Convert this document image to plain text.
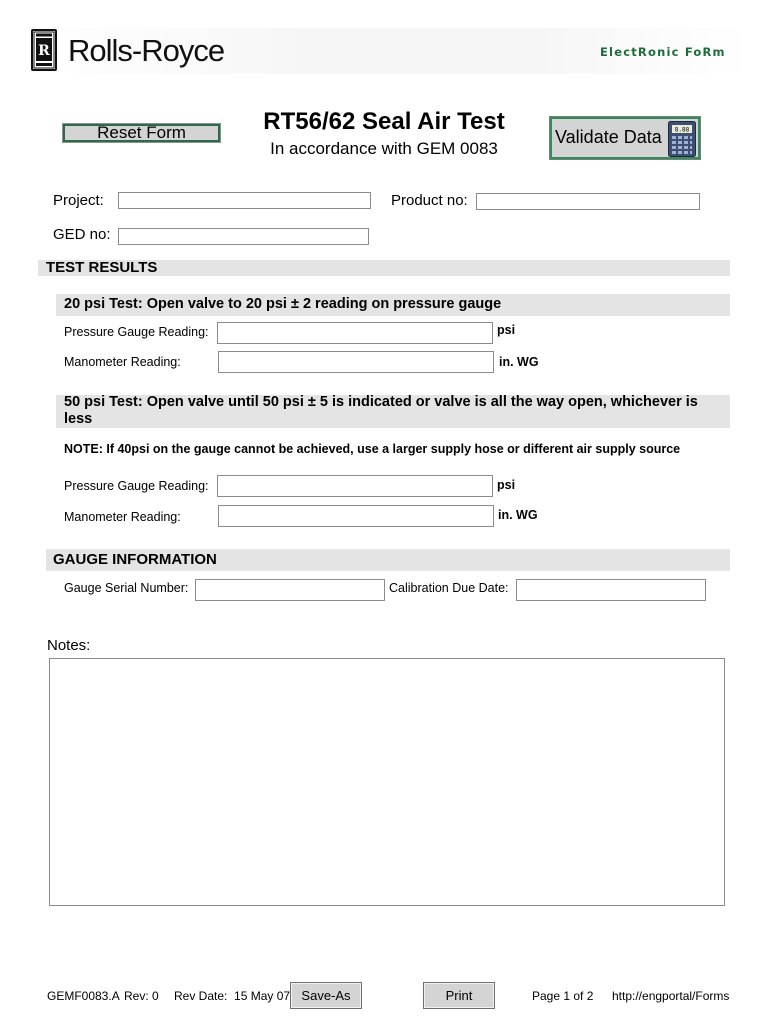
R Rolls-Royce	ElectRonic FoRm
Reset Form	RT56/62 Seal Air Test
In accordance with GEM 0083
Validate Data 8.88
Project:	Product no:
GED no:
TEST RESULTS
20 psi Test: Open valve to 20 psi ± 2 reading on pressure gauge
Pressure Gauge Reading:	psi
Manometer Reading:	in. WG
50 psi Test: Open valve until 50 psi ± 5 is indicated or valve is all the way open, whichever is less
NOTE: If 40psi on the gauge cannot be achieved, use a larger supply hose or different air supply source
Pressure Gauge Reading:	psi
Manometer Reading:	in. WG
GAUGE INFORMATION
Gauge Serial Number:	Calibration Due Date:
Notes:
GEMF0083.A Rev: 0 Rev Date:  15 May 07 Save-As	Print	Page 1 of 2 http://engportal/Forms
